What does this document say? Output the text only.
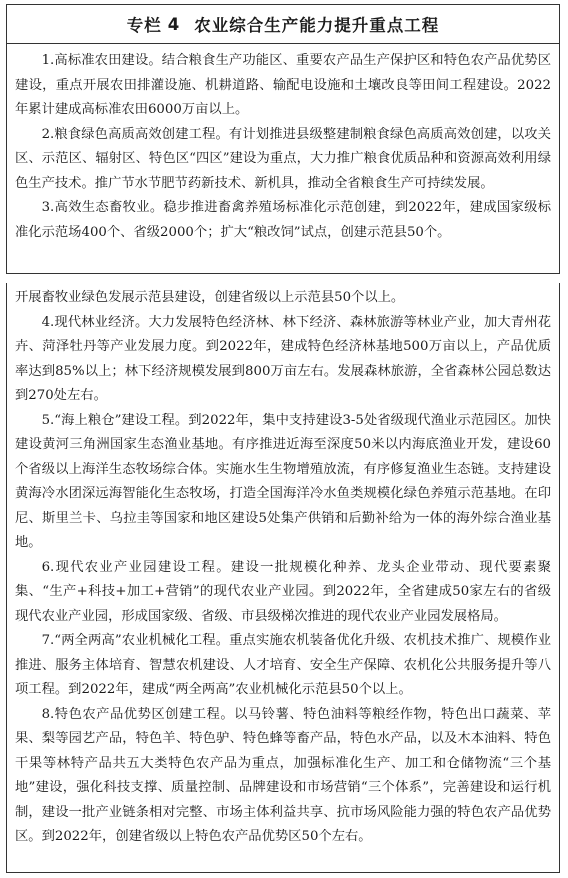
专栏 4 农业综合生产能力提升重点工程

1.高标准农田建设。结合粮食生产功能区、重要农产品生产保护区和特色农产品优势区建设，重点开展农田排灌设施、机耕道路、输配电设施和土壤改良等田间工程建设。2022年累计建成高标准农田6000万亩以上。

2.粮食绿色高质高效创建工程。有计划推进县级整建制粮食绿色高质高效创建，以攻关区、示范区、辐射区、特色区“四区”建设为重点，大力推广粮食优质品种和资源高效利用绿色生产技术。推广节水节肥节药新技术、新机具，推动全省粮食生产可持续发展。

3.高效生态畜牧业。稳步推进畜禽养殖场标准化示范创建，到2022年，建成国家级标准化示范场400个、省级2000个；扩大“粮改饲”试点，创建示范县50个。

开展畜牧业绿色发展示范县建设，创建省级以上示范县50个以上。

4.现代林业经济。大力发展特色经济林、林下经济、森林旅游等林业产业，加大青州花卉、菏泽牡丹等产业发展力度。到2022年，建成特色经济林基地500万亩以上，产品优质率达到85%以上；林下经济规模发展到800万亩左右。发展森林旅游，全省森林公园总数达到270处左右。

5.“海上粮仓”建设工程。到2022年，集中支持建设3-5处省级现代渔业示范园区。加快建设黄河三角洲国家生态渔业基地。有序推进近海至深度50米以内海底渔业开发，建设60个省级以上海洋生态牧场综合体。实施水生生物增殖放流，有序修复渔业生态链。支持建设黄海冷水团深远海智能化生态牧场，打造全国海洋冷水鱼类规模化绿色养殖示范基地。在印尼、斯里兰卡、乌拉圭等国家和地区建设5处集产供销和后勤补给为一体的海外综合渔业基地。

6.现代农业产业园建设工程。建设一批规模化种养、龙头企业带动、现代要素聚集、“生产+科技+加工+营销”的现代农业产业园。到2022年，全省建成50家左右的省级现代农业产业园，形成国家级、省级、市县级梯次推进的现代农业产业园发展格局。

7.“两全两高”农业机械化工程。重点实施农机装备优化升级、农机技术推广、规模作业推进、服务主体培育、智慧农机建设、人才培育、安全生产保障、农机化公共服务提升等八项工程。到2022年，建成“两全两高”农业机械化示范县50个以上。

8.特色农产品优势区创建工程。以马铃薯、特色油料等粮经作物，特色出口蔬菜、苹果、梨等园艺产品，特色羊、特色驴、特色蜂等畜产品，特色水产品，以及木本油料、特色干果等林特产品共五大类特色农产品为重点，加强标准化生产、加工和仓储物流“三个基地”建设，强化科技支撑、质量控制、品牌建设和市场营销“三个体系”，完善建设和运行机制，建设一批产业链条相对完整、市场主体利益共享、抗市场风险能力强的特色农产品优势区。到2022年，创建省级以上特色农产品优势区50个左右。
